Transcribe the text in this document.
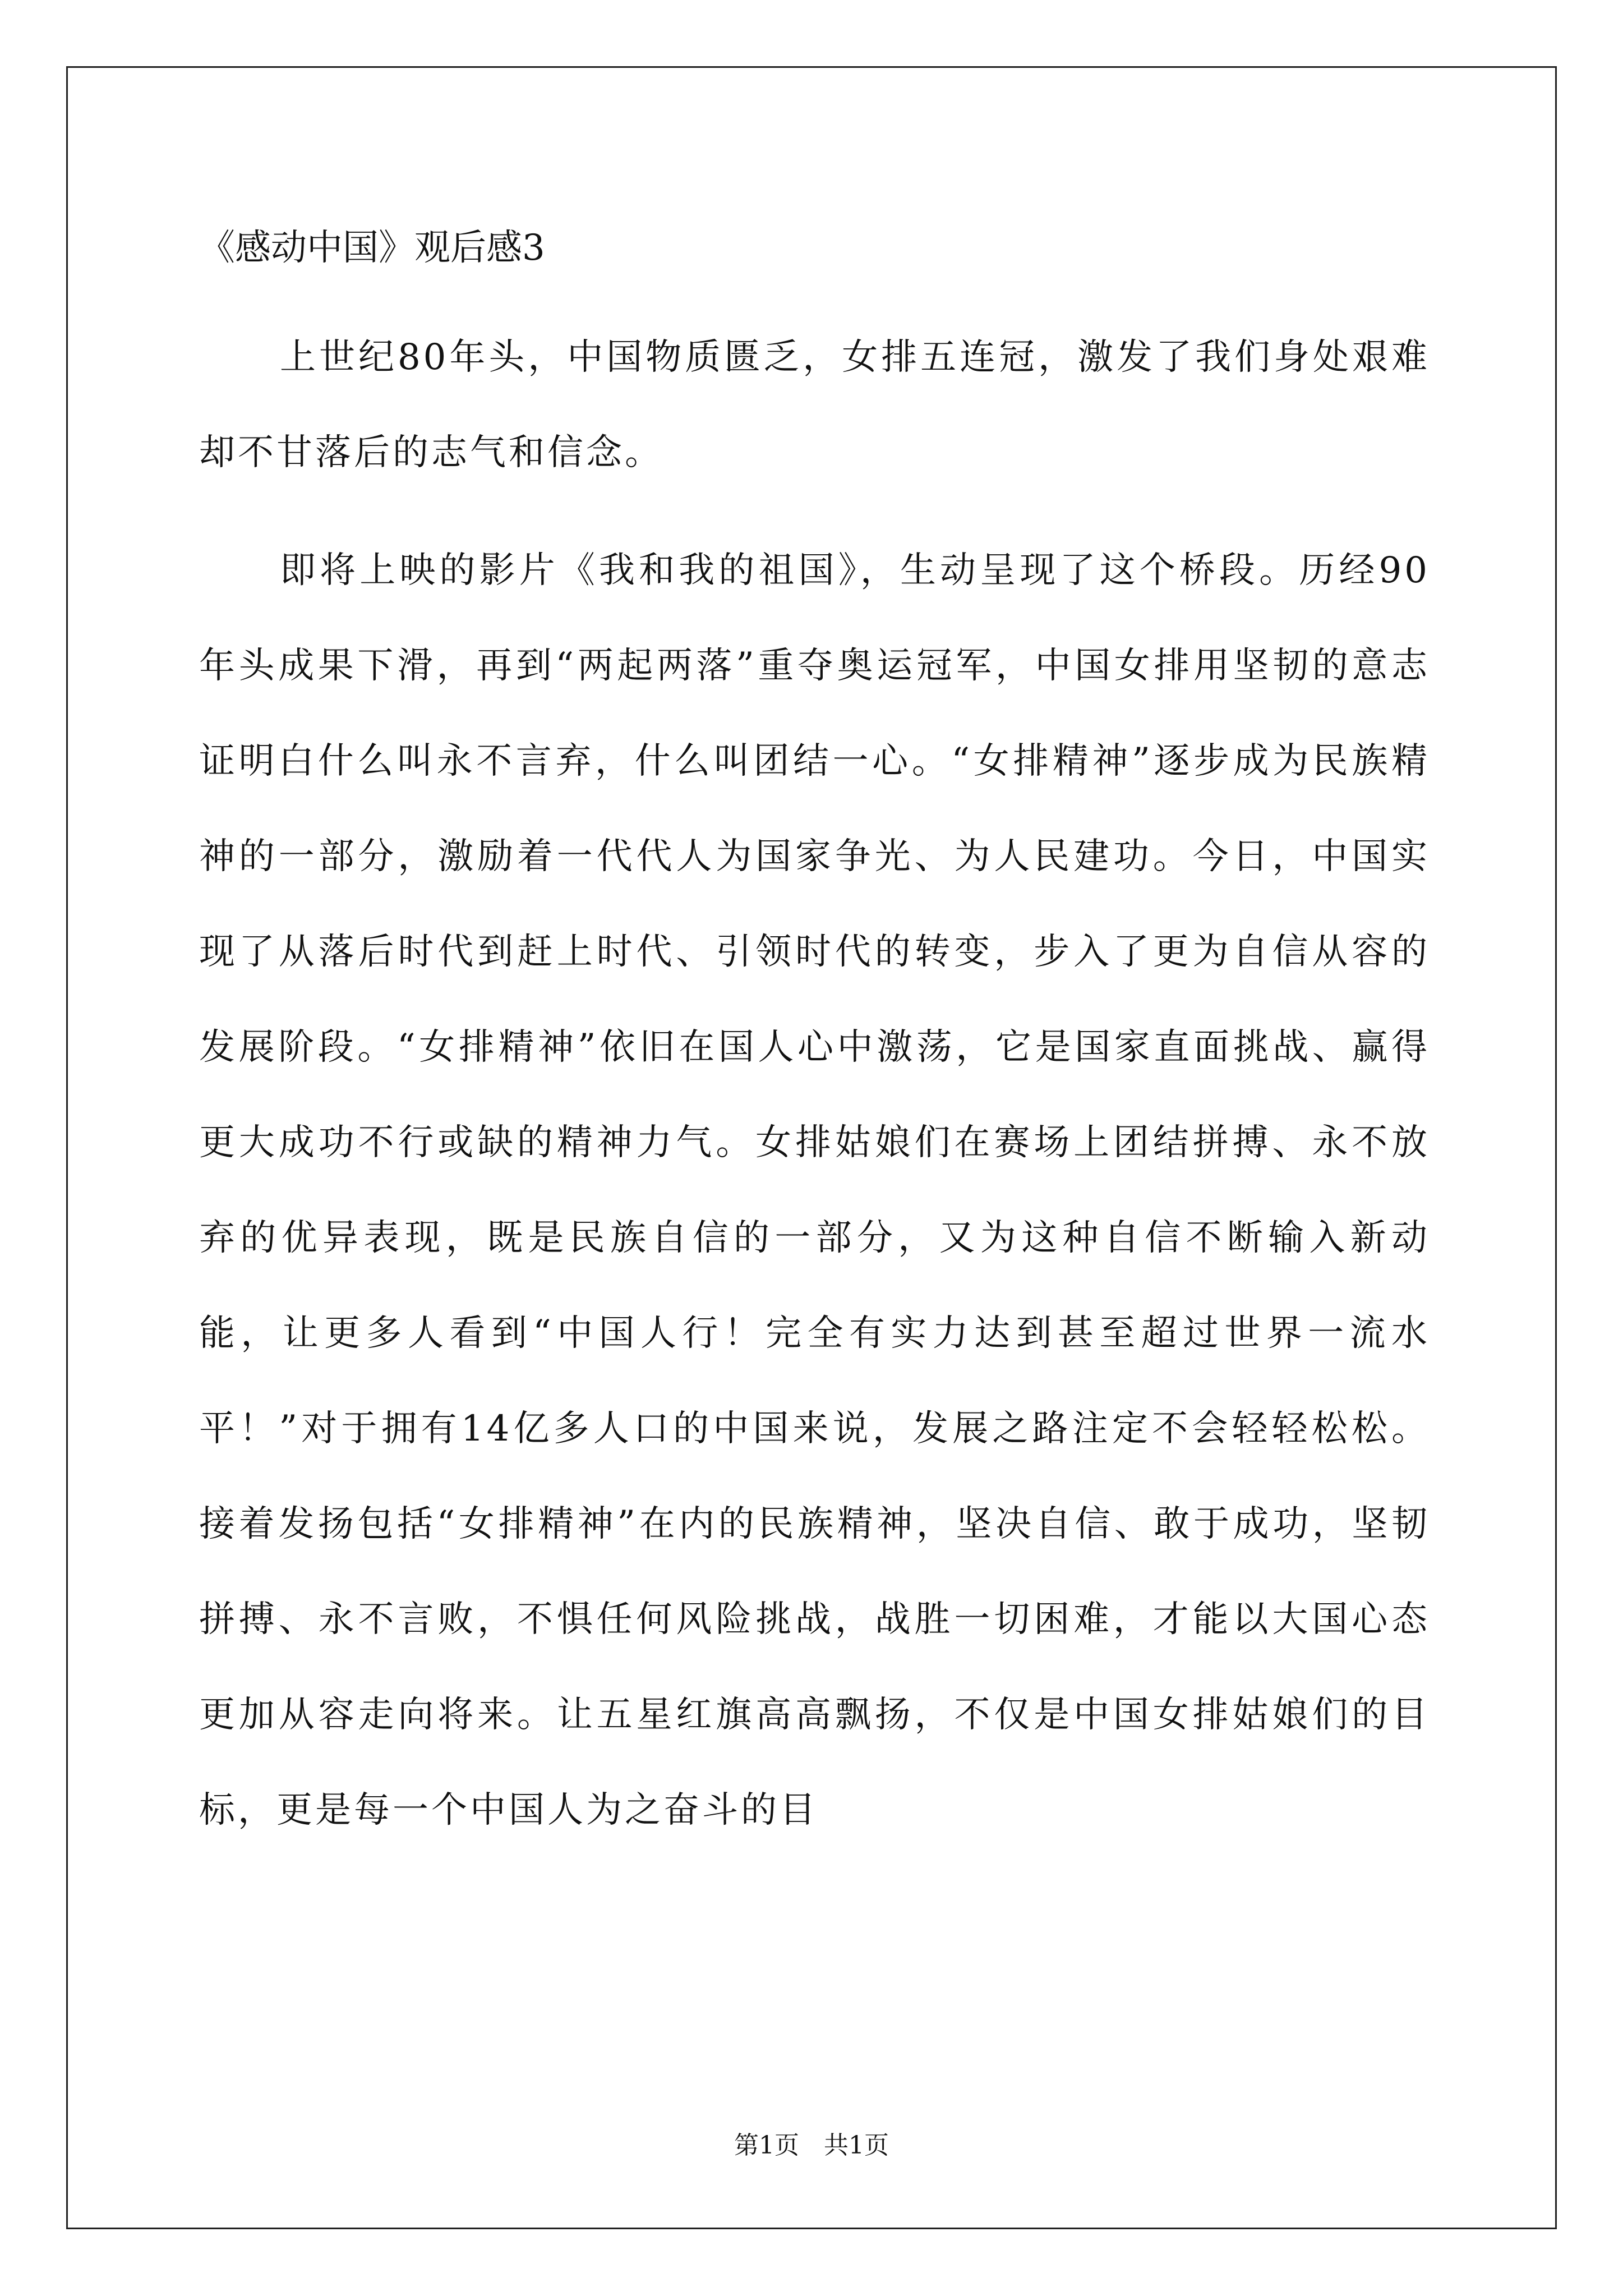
《感动中国》观后感3

上世纪80年头，中国物质匮乏，女排五连冠，激发了我们身处艰难却不甘落后的志气和信念。

即将上映的影片《我和我的祖国》，生动呈现了这个桥段。历经90年头成果下滑，再到“两起两落”重夺奥运冠军，中国女排用坚韧的意志证明白什么叫永不言弃，什么叫团结一心。“女排精神”逐步成为民族精神的一部分，激励着一代代人为国家争光、为人民建功。今日，中国实现了从落后时代到赶上时代、引领时代的转变，步入了更为自信从容的发展阶段。“女排精神”依旧在国人心中激荡，它是国家直面挑战、赢得更大成功不行或缺的精神力气。女排姑娘们在赛场上团结拼搏、永不放弃的优异表现，既是民族自信的一部分，又为这种自信不断输入新动能，让更多人看到“中国人行！完全有实力达到甚至超过世界一流水平！”对于拥有14亿多人口的中国来说，发展之路注定不会轻轻松松。接着发扬包括“女排精神”在内的民族精神，坚决自信、敢于成功，坚韧拼搏、永不言败，不惧任何风险挑战，战胜一切困难，才能以大国心态更加从容走向将来。让五星红旗高高飘扬，不仅是中国女排姑娘们的目标，更是每一个中国人为之奋斗的目

第1页　共1页
